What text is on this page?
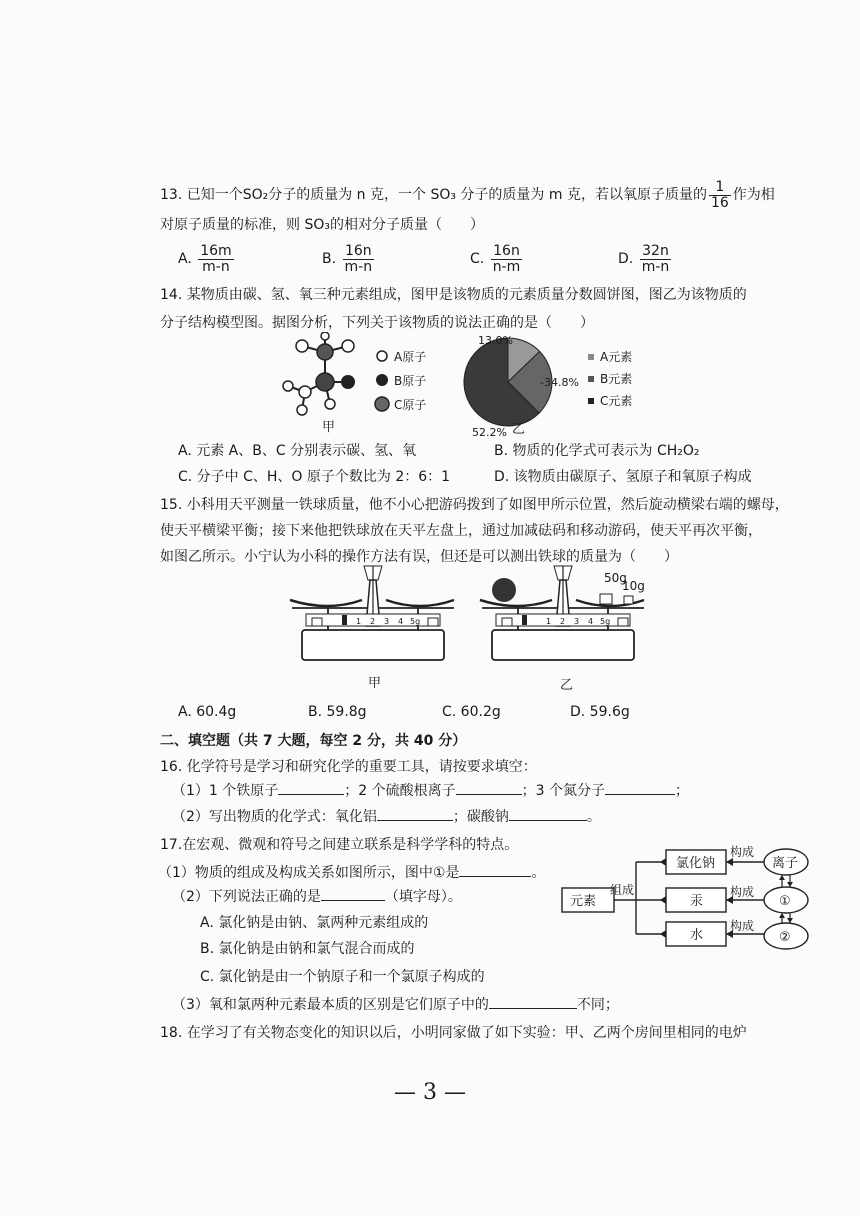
13. 已知一个SO₂分子的质量为 n 克，一个 SO₃ 分子的质量为 m 克，若以氧原子质量的 $\frac{1}{16}$ 作为相
对原子质量的标准，则 SO₃的相对分子质量（　　）
A. $\frac{16m}{m-n}$	B. $\frac{16n}{m-n}$	C. $\frac{16n}{n-m}$	D. $\frac{32n}{m-n}$
14. 某物质由碳、氢、氧三种元素组成，图甲是该物质的元素质量分数圆饼图，图乙为该物质的
分子结构模型图。据图分析，下列关于该物质的说法正确的是（　　）
A原子
B原子
C原子
甲
13.0%
-34.8%
52.2%
A元素
B元素
C元素
乙
A. 元素 A、B、C 分别表示碳、氢、氧	B. 物质的化学式可表示为 CH₂O₂
C. 分子中 C、H、O 原子个数比为 2：6：1	D. 该物质由碳原子、氢原子和氧原子构成
15. 小科用天平测量一铁球质量，他不小心把游码拨到了如图甲所示位置，然后旋动横梁右端的螺母，
使天平横梁平衡；接下来他把铁球放在天平左盘上，通过加减砝码和移动游码，使天平再次平衡，
如图乙所示。小宁认为小科的操作方法有误，但还是可以测出铁球的质量为（　　）
1 2 3 4 5g
甲
50g
10g
1 2 3 4 5g
乙
A. 60.4g	B. 59.8g	C. 60.2g	D. 59.6g
二、填空题（共 7 大题，每空 2 分，共 40 分）
16. 化学符号是学习和研究化学的重要工具，请按要求填空：
（1）1 个铁原子	；2 个硫酸根离子	；3 个氮分子	；
（2）写出物质的化学式：氧化铝	；碳酸钠	。
17.在宏观、微观和符号之间建立联系是科学学科的特点。
（1）物质的组成及构成关系如图所示，图中①是	。
（2）下列说法正确的是	（填字母）。
A. 氯化钠是由钠、氯两种元素组成的
B. 氯化钠是由钠和氯气混合而成的
C. 氯化钠是由一个钠原子和一个氯原子构成的
（3）氧和氯两种元素最本质的区别是它们原子中的	不同；
元素
组成
氯化钠
汞
水
构成
构成
构成
离子
①
②
18. 在学习了有关物态变化的知识以后，小明同家做了如下实验：甲、乙两个房间里相同的电炉
— 3 —
